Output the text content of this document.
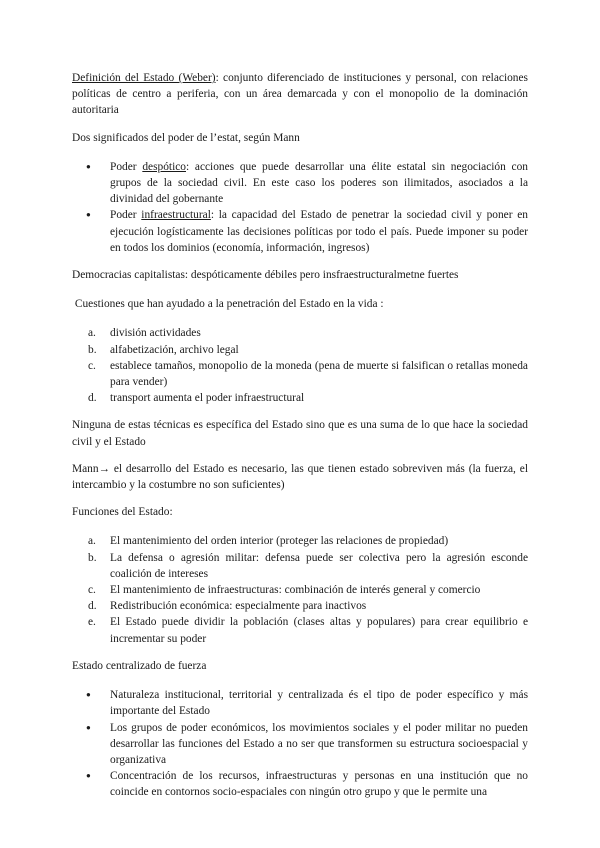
Definición del Estado (Weber): conjunto diferenciado de instituciones y personal, con relaciones políticas de centro a periferia, con un área demarcada y con el monopolio de la dominación autoritaria

Dos significados del poder de l’estat, según Mann

● Poder despótico: acciones que puede desarrollar una élite estatal sin negociación con grupos de la sociedad civil. En este caso los poderes son ilimitados, asociados a la divinidad del gobernante
● Poder infraestructural: la capacidad del Estado de penetrar la sociedad civil y poner en ejecución logísticamente las decisiones políticas por todo el país. Puede imponer su poder en todos los dominios (economía, información, ingresos)

Democracias capitalistas: despóticamente débiles pero insfraestructuralmetne fuertes

Cuestiones que han ayudado a la penetración del Estado en la vida :

a. división actividades
b. alfabetización, archivo legal
c. establece tamaños, monopolio de la moneda (pena de muerte si falsifican o retallas moneda para vender)
d. transport aumenta el poder infraestructural

Ninguna de estas técnicas es específica del Estado sino que es una suma de lo que hace la sociedad civil y el Estado

Mann→ el desarrollo del Estado es necesario, las que tienen estado sobreviven más (la fuerza, el intercambio y la costumbre no son suficientes)

Funciones del Estado:

a. El mantenimiento del orden interior (proteger las relaciones de propiedad)
b. La defensa o agresión militar: defensa puede ser colectiva pero la agresión esconde coalición de intereses
c. El mantenimiento de infraestructuras: combinación de interés general y comercio
d. Redistribución económica: especialmente para inactivos
e. El Estado puede dividir la población (clases altas y populares) para crear equilibrio e incrementar su poder

Estado centralizado de fuerza

● Naturaleza institucional, territorial y centralizada és el tipo de poder específico y más importante del Estado
● Los grupos de poder económicos, los movimientos sociales y el poder militar no pueden desarrollar las funciones del Estado a no ser que transformen su estructura socioespacial y organizativa
● Concentración de los recursos, infraestructuras y personas en una institución que no coincide en contornos socio-espaciales con ningún otro grupo y que le permite una
